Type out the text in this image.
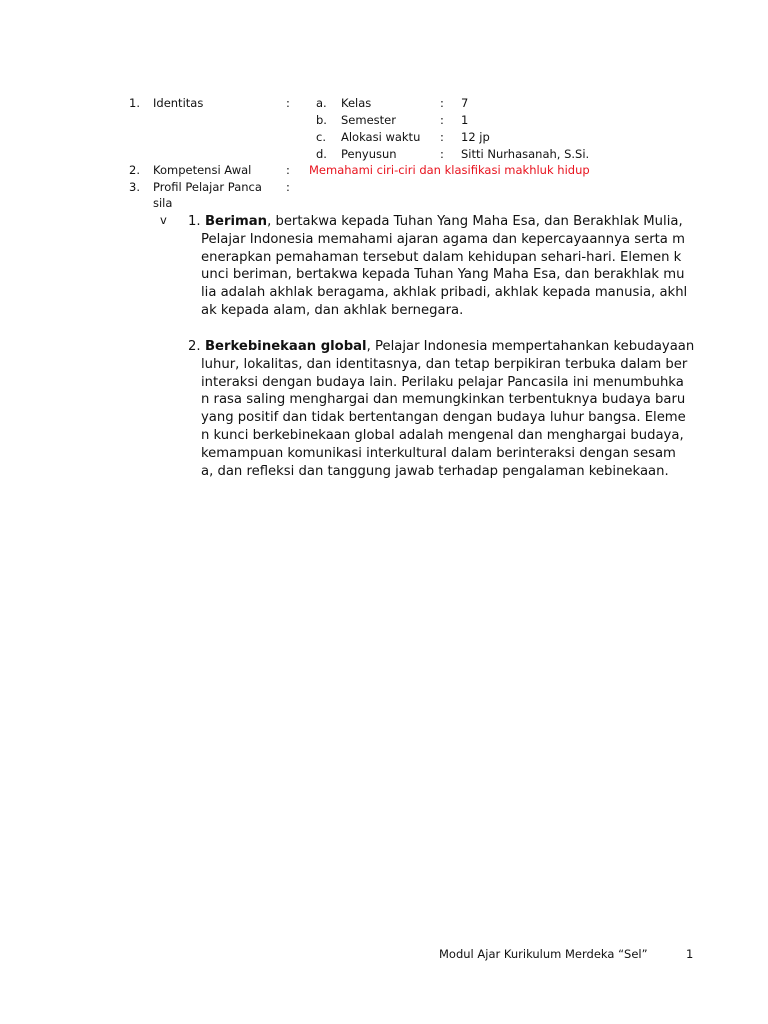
1. Identitas	: a. Kelas	: 7
b. Semester	: 1
c. Alokasi waktu : 12 jp
d. Penyusun	: Sitti Nurhasanah, S.Si.
2. Kompetensi Awal	: Memahami ciri-ciri dan klasifikasi makhluk hidup
3. Profil Pelajar Panca :
sila
v 1. Beriman, bertakwa kepada Tuhan Yang Maha Esa, dan Berakhlak Mulia,
Pelajar Indonesia memahami ajaran agama dan kepercayaannya serta m
enerapkan pemahaman tersebut dalam kehidupan sehari-hari. Elemen k
unci beriman, bertakwa kepada Tuhan Yang Maha Esa, dan berakhlak mu
lia adalah akhlak beragama, akhlak pribadi, akhlak kepada manusia, akhl
ak kepada alam, dan akhlak bernegara.
2. Berkebinekaan global, Pelajar Indonesia mempertahankan kebudayaan
luhur, lokalitas, dan identitasnya, dan tetap berpikiran terbuka dalam ber
interaksi dengan budaya lain. Perilaku pelajar Pancasila ini menumbuhka
n rasa saling menghargai dan memungkinkan terbentuknya budaya baru
yang positif dan tidak bertentangan dengan budaya luhur bangsa. Eleme
n kunci berkebinekaan global adalah mengenal dan menghargai budaya,
kemampuan komunikasi interkultural dalam berinteraksi dengan sesam
a, dan refleksi dan tanggung jawab terhadap pengalaman kebinekaan.
Modul Ajar Kurikulum Merdeka “Sel”	1
